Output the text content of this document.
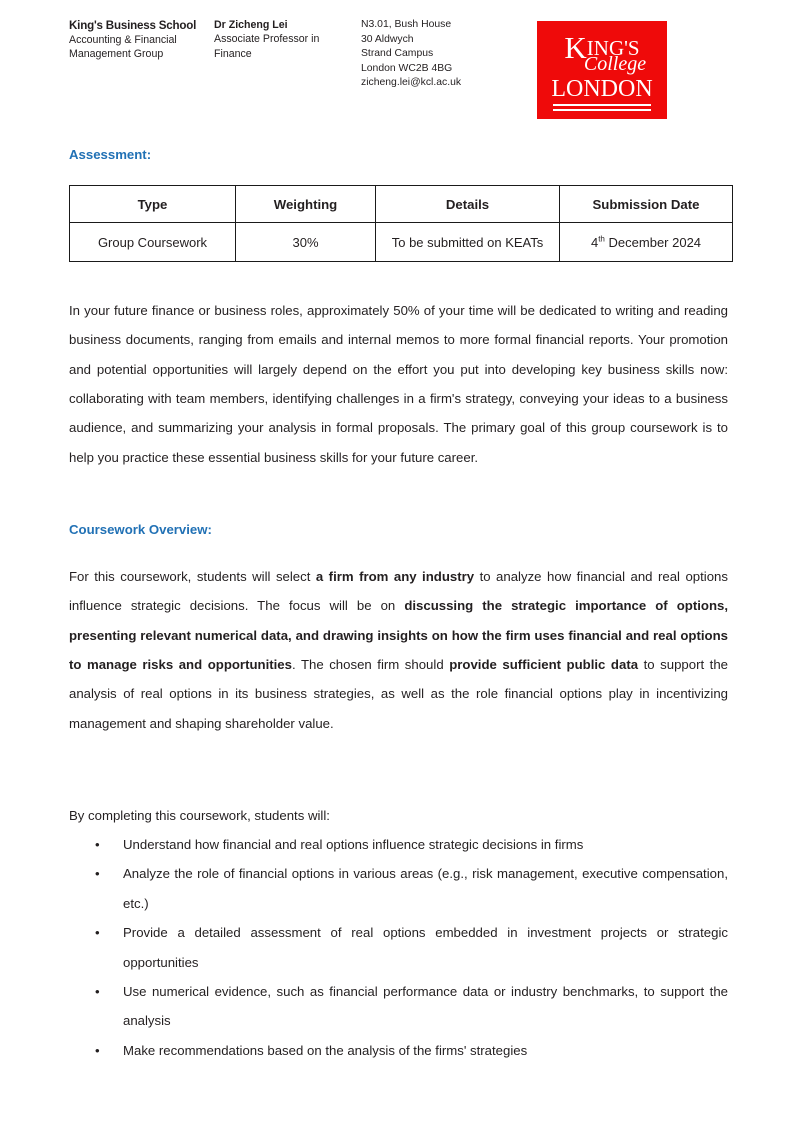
King's Business School
Accounting & Financial
Management Group
Dr Zicheng Lei
Associate Professor in
Finance
N3.01, Bush House
30 Aldwych
Strand Campus
London WC2B 4BG
zicheng.lei@kcl.ac.uk
KING'S
College
LONDON
Assessment:
Type	Weighting	Details	Submission Date
Group Coursework	30%	To be submitted on KEATs	4th December 2024

In your future finance or business roles, approximately 50% of your time will be dedicated to writing and reading business documents, ranging from emails and internal memos to more formal financial reports. Your promotion and potential opportunities will largely depend on the effort you put into developing key business skills now: collaborating with team members, identifying challenges in a firm's strategy, conveying your ideas to a business audience, and summarizing your analysis in formal proposals. The primary goal of this group coursework is to help you practice these essential business skills for your future career.

Coursework Overview:

For this coursework, students will select a firm from any industry to analyze how financial and real options influence strategic decisions. The focus will be on discussing the strategic importance of options, presenting relevant numerical data, and drawing insights on how the firm uses financial and real options to manage risks and opportunities. The chosen firm should provide sufficient public data to support the analysis of real options in its business strategies, as well as the role financial options play in incentivizing management and shaping shareholder value.

By completing this coursework, students will:

•	Understand how financial and real options influence strategic decisions in firms
•	Analyze the role of financial options in various areas (e.g., risk management, executive compensation, etc.)
•	Provide a detailed assessment of real options embedded in investment projects or strategic opportunities
•	Use numerical evidence, such as financial performance data or industry benchmarks, to support the analysis
•	Make recommendations based on the analysis of the firms' strategies
